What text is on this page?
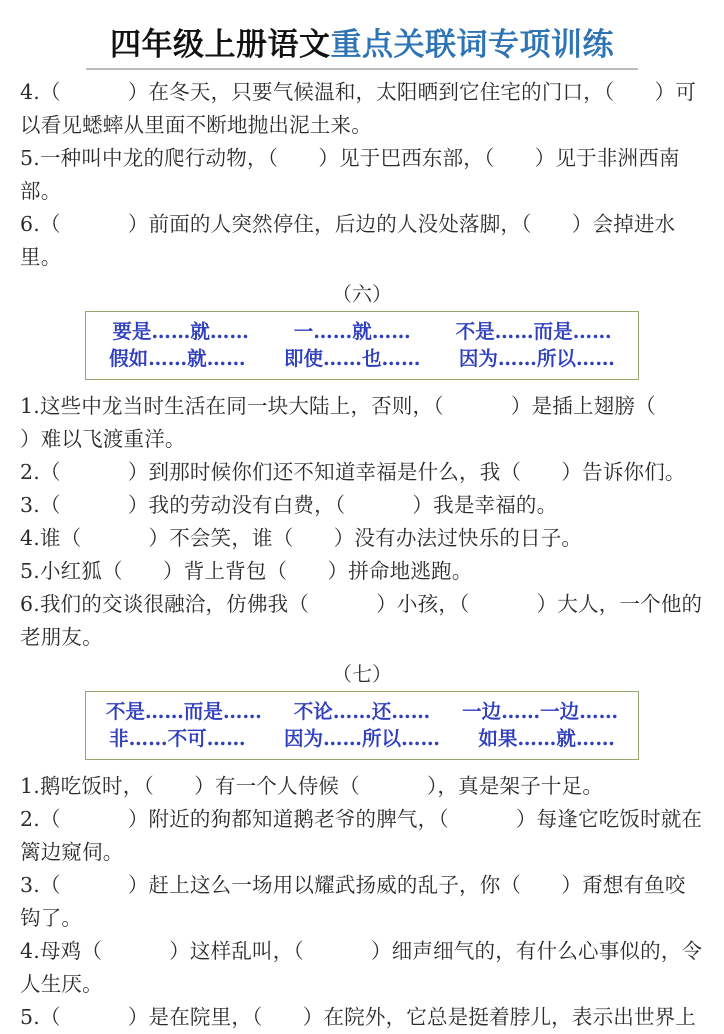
四年级上册语文重点关联词专项训练
4.（          ）在冬天，只要气候温和，太阳晒到它住宅的门口，（      ）可以看见蟋蟀从里面不断地抛出泥土来。
5.一种叫中龙的爬行动物，（      ）见于巴西东部，（      ）见于非洲西南部。
6.（          ）前面的人突然停住，后边的人没处落脚，（      ）会掉进水里。
（六）
要是……就…… 一……就…… 不是……而是……
假如……就…… 即使……也…… 因为……所以……
1.这些中龙当时生活在同一块大陆上，否则，（          ）是插上翅膀（      ）难以飞渡重洋。
2.（          ）到那时候你们还不知道幸福是什么，我（      ）告诉你们。
3.（          ）我的劳动没有白费，（          ）我是幸福的。
4.谁（          ）不会笑，谁（      ）没有办法过快乐的日子。
5.小红狐（      ）背上背包（      ）拼命地逃跑。
6.我们的交谈很融洽，仿佛我（          ）小孩，（          ）大人，一个他的老朋友。
（七）
不是……而是…… 不论……还…… 一边……一边……
非……不可…… 因为……所以…… 如果……就……
1.鹅吃饭时，（      ）有一个人侍候（          ），真是架子十足。
2.（          ）附近的狗都知道鹅老爷的脾气，（          ）每逢它吃饭时就在篱边窥伺。
3.（          ）赶上这么一场用以耀武扬威的乱子，你（      ）甭想有鱼咬钩了。
4.母鸡（          ）这样乱叫，（          ）细声细气的，有什么心事似的，令人生厌。
5.（          ）是在院里，（      ）在院外，它总是挺着脖儿，表示出世界上
